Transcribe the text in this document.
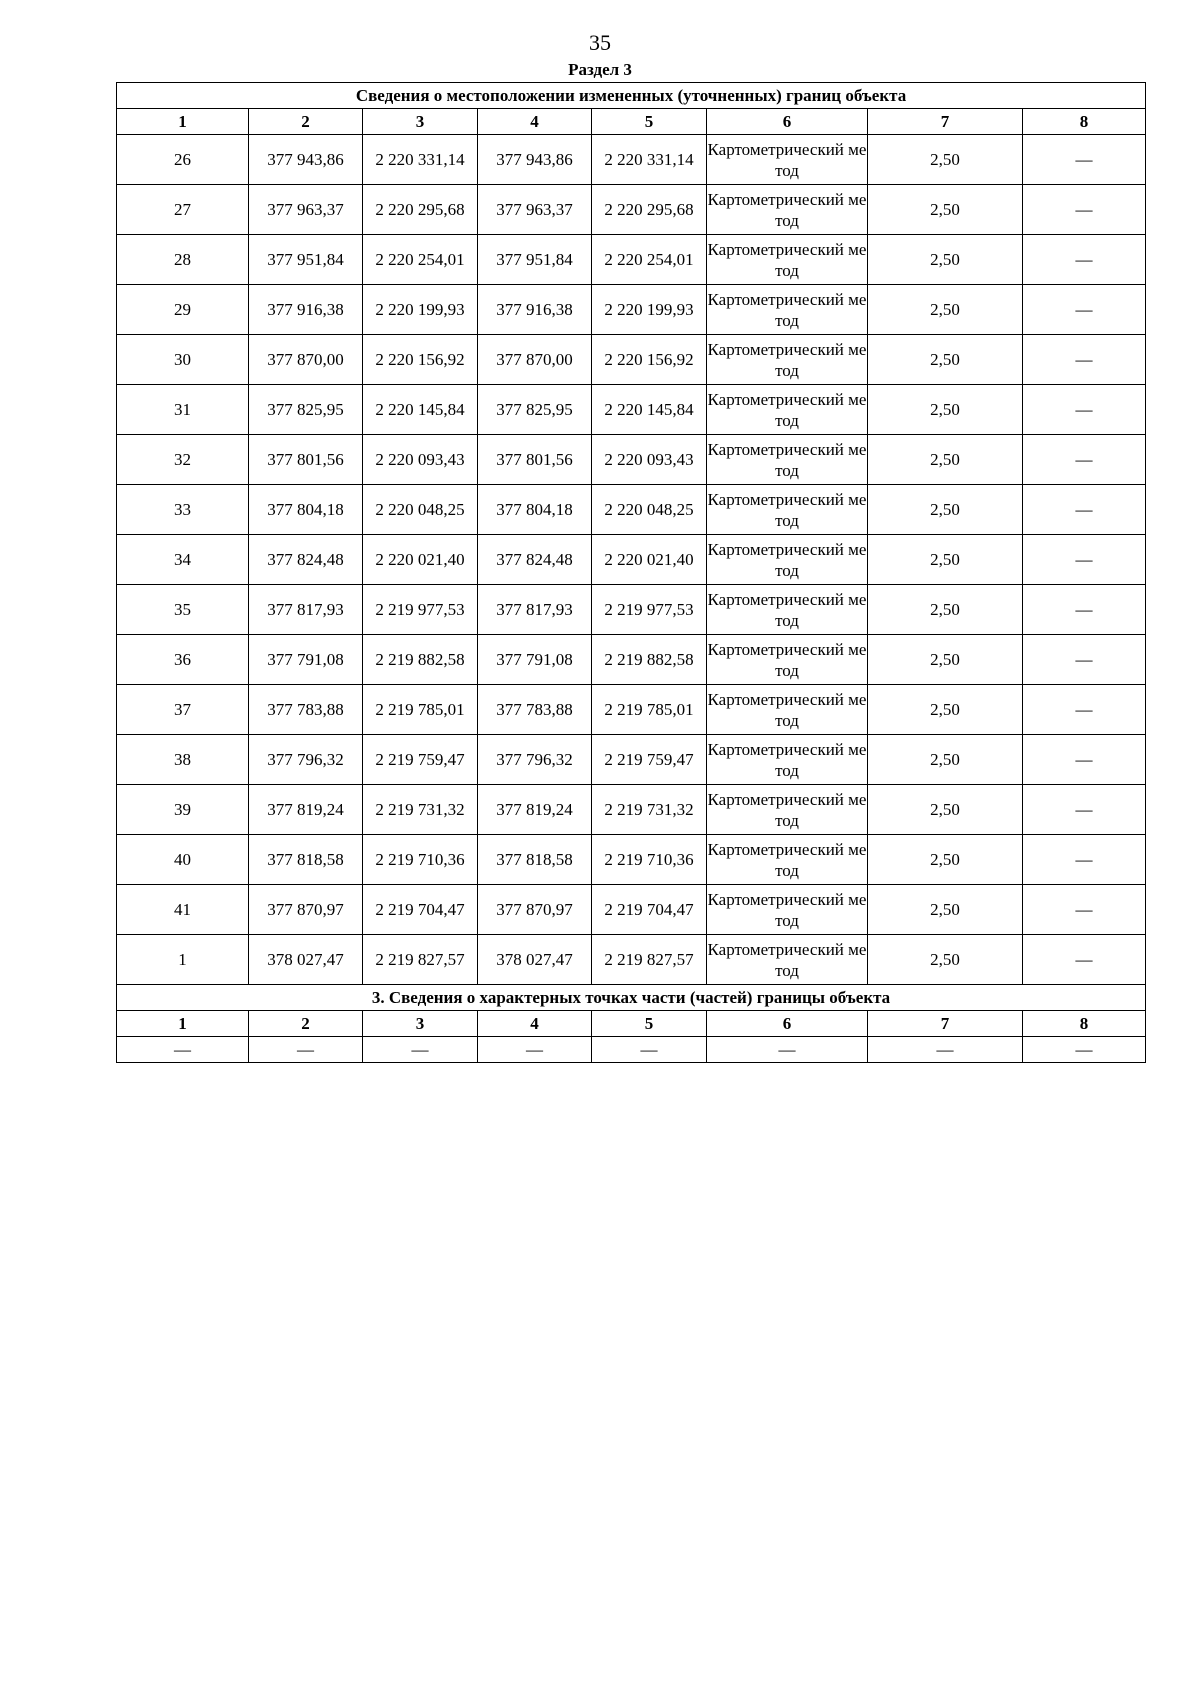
35
Раздел 3
Сведения о местоположении измененных (уточненных) границ объекта							
1	2	3	4	5	6	7	8
26	377 943,86	2 220 331,14	377 943,86	2 220 331,14	Картометрический метод	2,50	—
27	377 963,37	2 220 295,68	377 963,37	2 220 295,68	Картометрический метод	2,50	—
28	377 951,84	2 220 254,01	377 951,84	2 220 254,01	Картометрический метод	2,50	—
29	377 916,38	2 220 199,93	377 916,38	2 220 199,93	Картометрический метод	2,50	—
30	377 870,00	2 220 156,92	377 870,00	2 220 156,92	Картометрический метод	2,50	—
31	377 825,95	2 220 145,84	377 825,95	2 220 145,84	Картометрический метод	2,50	—
32	377 801,56	2 220 093,43	377 801,56	2 220 093,43	Картометрический метод	2,50	—
33	377 804,18	2 220 048,25	377 804,18	2 220 048,25	Картометрический метод	2,50	—
34	377 824,48	2 220 021,40	377 824,48	2 220 021,40	Картометрический метод	2,50	—
35	377 817,93	2 219 977,53	377 817,93	2 219 977,53	Картометрический метод	2,50	—
36	377 791,08	2 219 882,58	377 791,08	2 219 882,58	Картометрический метод	2,50	—
37	377 783,88	2 219 785,01	377 783,88	2 219 785,01	Картометрический метод	2,50	—
38	377 796,32	2 219 759,47	377 796,32	2 219 759,47	Картометрический метод	2,50	—
39	377 819,24	2 219 731,32	377 819,24	2 219 731,32	Картометрический метод	2,50	—
40	377 818,58	2 219 710,36	377 818,58	2 219 710,36	Картометрический метод	2,50	—
41	377 870,97	2 219 704,47	377 870,97	2 219 704,47	Картометрический метод	2,50	—
1	378 027,47	2 219 827,57	378 027,47	2 219 827,57	Картометрический метод	2,50	—
3. Сведения о характерных точках части (частей) границы объекта							
1	2	3	4	5	6	7	8
—	—	—	—	—	—	—	—
